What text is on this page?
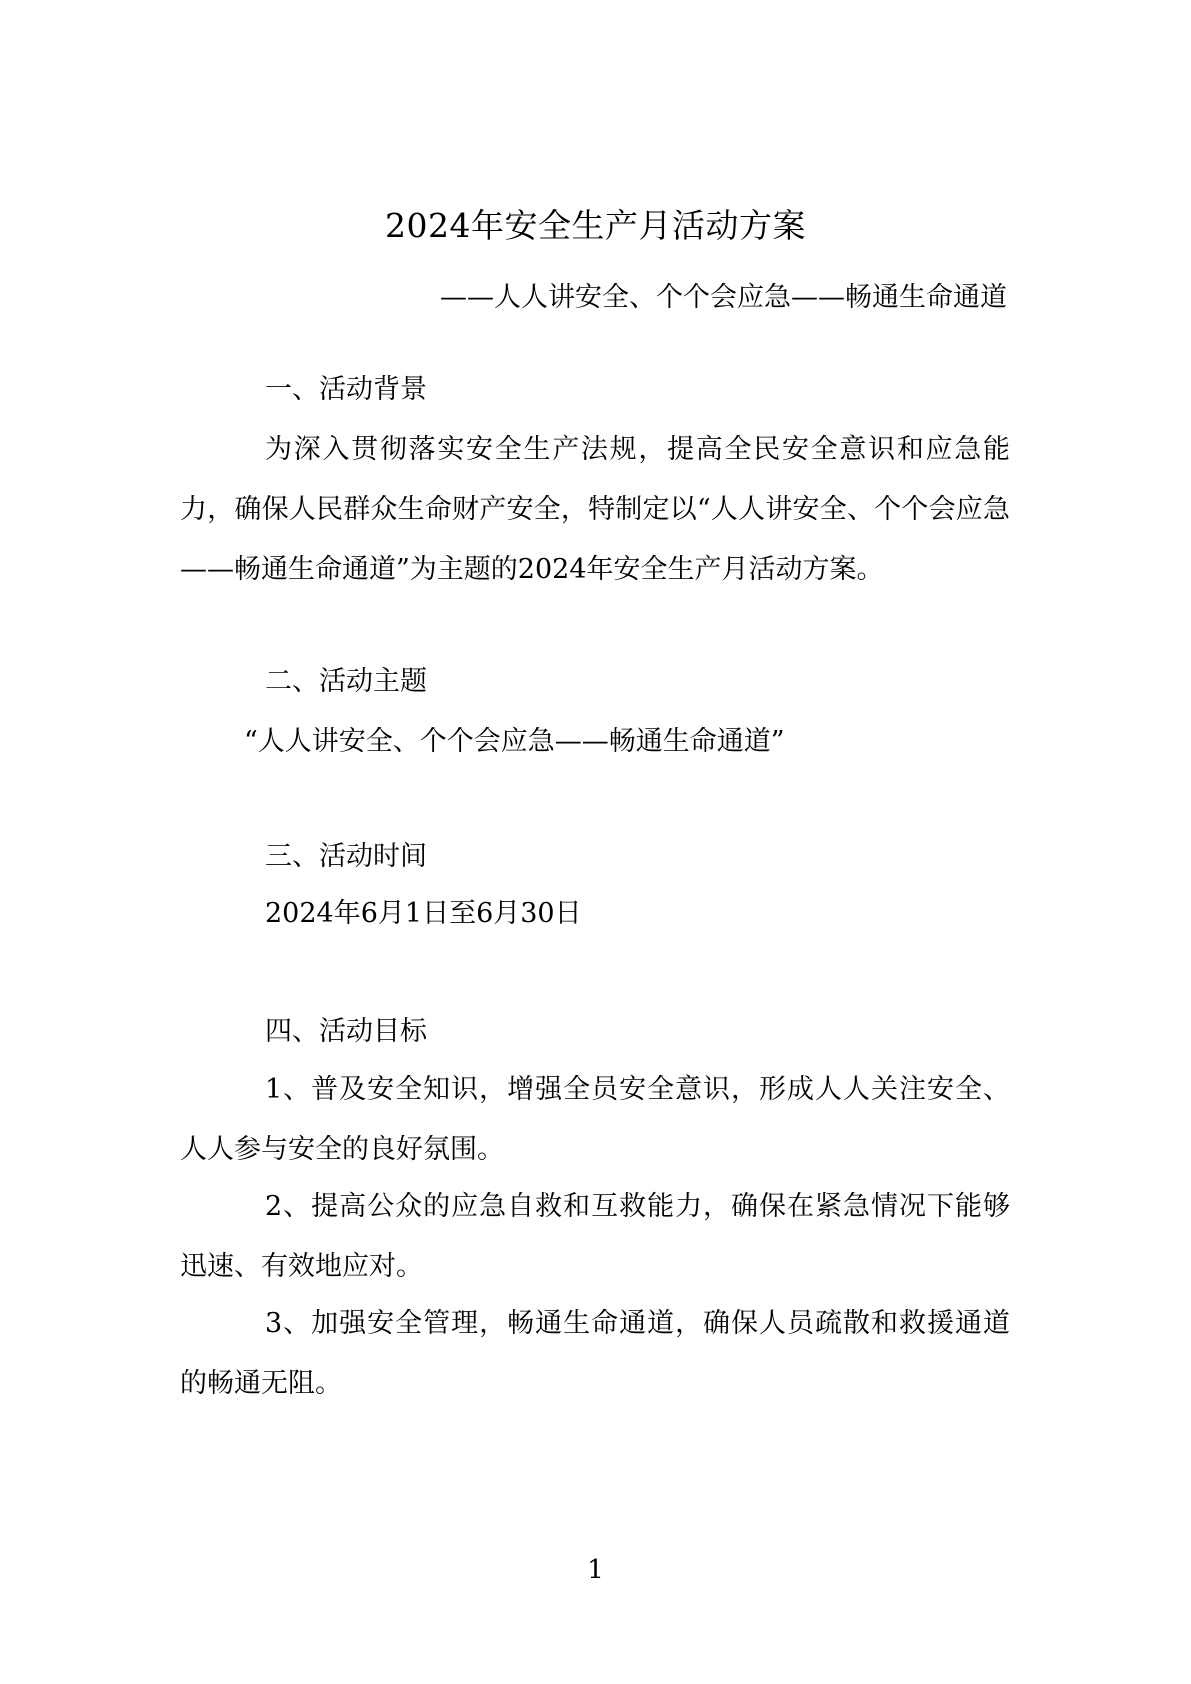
2024年安全生产月活动方案

——人人讲安全、个个会应急——畅通生命通道

一、活动背景

为深入贯彻落实安全生产法规，提高全民安全意识和应急能力，确保人民群众生命财产安全，特制定以“人人讲安全、个个会应急——畅通生命通道”为主题的2024年安全生产月活动方案。

二、活动主题

“人人讲安全、个个会应急——畅通生命通道”

三、活动时间

2024年6月1日至6月30日

四、活动目标

1、普及安全知识，增强全员安全意识，形成人人关注安全、人人参与安全的良好氛围。

2、提高公众的应急自救和互救能力，确保在紧急情况下能够迅速、有效地应对。

3、加强安全管理，畅通生命通道，确保人员疏散和救援通道的畅通无阻。

1
